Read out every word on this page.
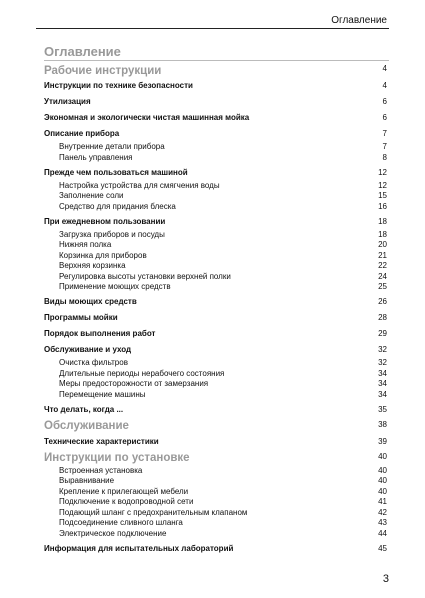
Оглавление
Оглавление
Рабочие инструкции	4
Инструкции по технике безопасности	4
Утилизация	6
Экономная и экологически чистая машинная мойка	6
Описание прибора	7
Внутренние детали прибора	7
Панель управления	8
Прежде чем пользоваться машиной	12
Настройка устройства для смягчения воды	12
Заполнение соли	15
Средство для придания блеска	16
При ежедневном пользовании	18
Загрузка приборов и посуды	18
Нижняя полка	20
Корзинка для приборов	21
Верхняя корзинка	22
Регулировка высоты установки верхней полки	24
Применение моющих средств	25
Виды моющих средств	26
Программы мойки	28
Порядок выполнения работ	29
Обслуживание и уход	32
Очистка фильтров	32
Длительные периоды нерабочего состояния	34
Меры предосторожности от замерзания	34
Перемещение машины	34
Что делать, когда ...	35
Обслуживание	38
Технические характеристики	39
Инструкции по установке	40
Встроенная установка	40
Выравнивание	40
Крепление к прилегающей мебели	40
Подключение к водопроводной сети	41
Подающий шланг с предохранительным клапаном	42
Подсоединение сливного шланга	43
Электрическое подключение	44
Информация для испытательных лабораторий	45
3
